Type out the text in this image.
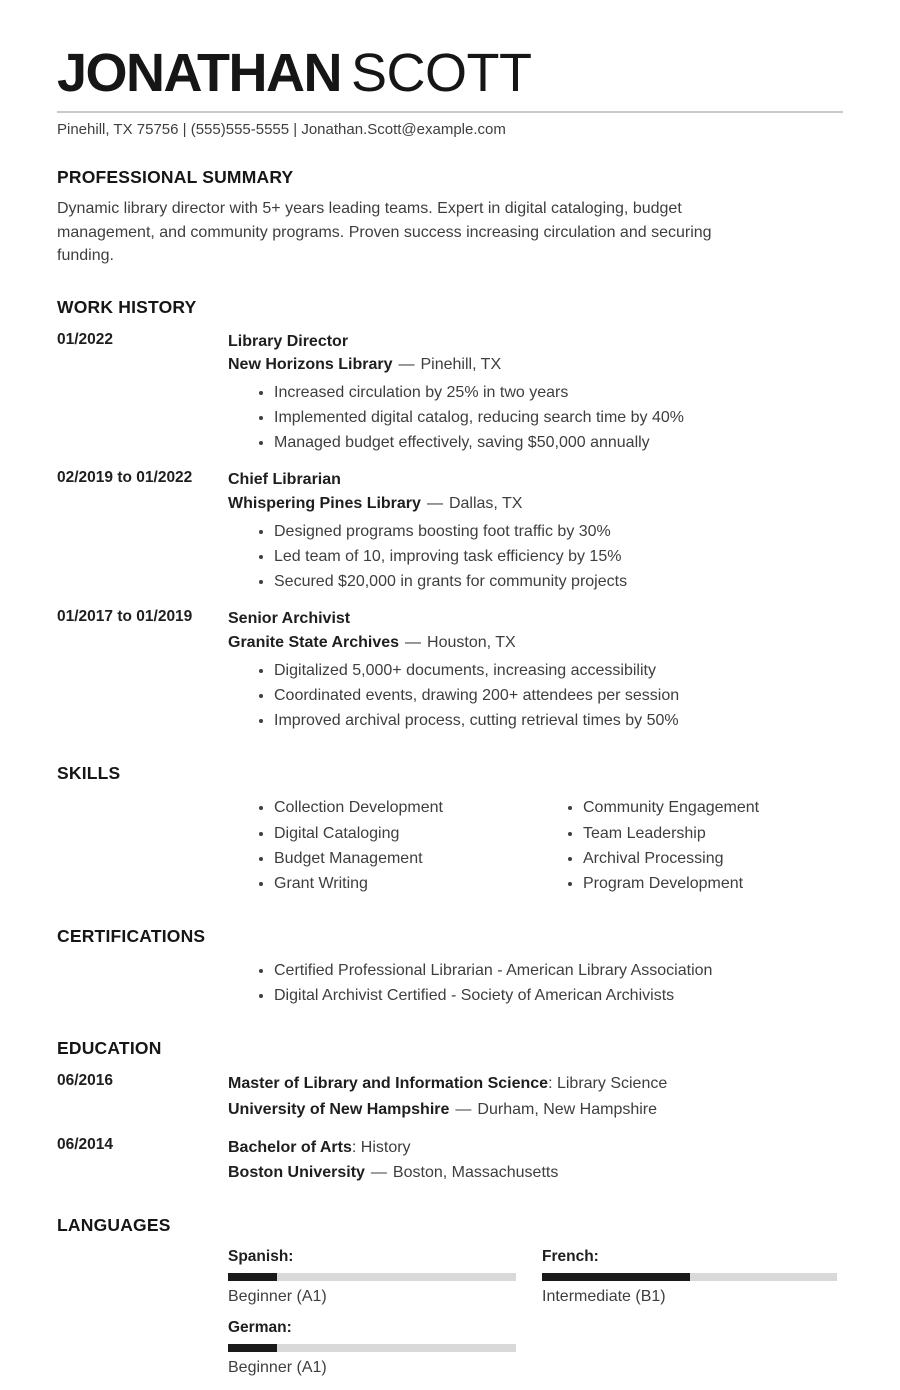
JONATHAN SCOTT
Pinehill, TX 75756 | (555)555-5555 | Jonathan.Scott@example.com
PROFESSIONAL SUMMARY
Dynamic library director with 5+ years leading teams. Expert in digital cataloging, budget
management, and community programs. Proven success increasing circulation and securing
funding.
WORK HISTORY
01/2022	Library Director
New Horizons Library — Pinehill, TX
• Increased circulation by 25% in two years
• Implemented digital catalog, reducing search time by 40%
• Managed budget effectively, saving $50,000 annually
02/2019 to 01/2022	Chief Librarian
Whispering Pines Library — Dallas, TX
• Designed programs boosting foot traffic by 30%
• Led team of 10, improving task efficiency by 15%
• Secured $20,000 in grants for community projects
01/2017 to 01/2019	Senior Archivist
Granite State Archives — Houston, TX
• Digitalized 5,000+ documents, increasing accessibility
• Coordinated events, drawing 200+ attendees per session
• Improved archival process, cutting retrieval times by 50%
SKILLS
• Collection Development
• Digital Cataloging
• Budget Management
• Grant Writing
• Community Engagement
• Team Leadership
• Archival Processing
• Program Development
CERTIFICATIONS
• Certified Professional Librarian - American Library Association
• Digital Archivist Certified - Society of American Archivists
EDUCATION
06/2016	Master of Library and Information Science: Library Science
University of New Hampshire — Durham, New Hampshire
06/2014	Bachelor of Arts: History
Boston University — Boston, Massachusetts
LANGUAGES
Spanish:
Beginner (A1)
French:
Intermediate (B1)
German:
Beginner (A1)
